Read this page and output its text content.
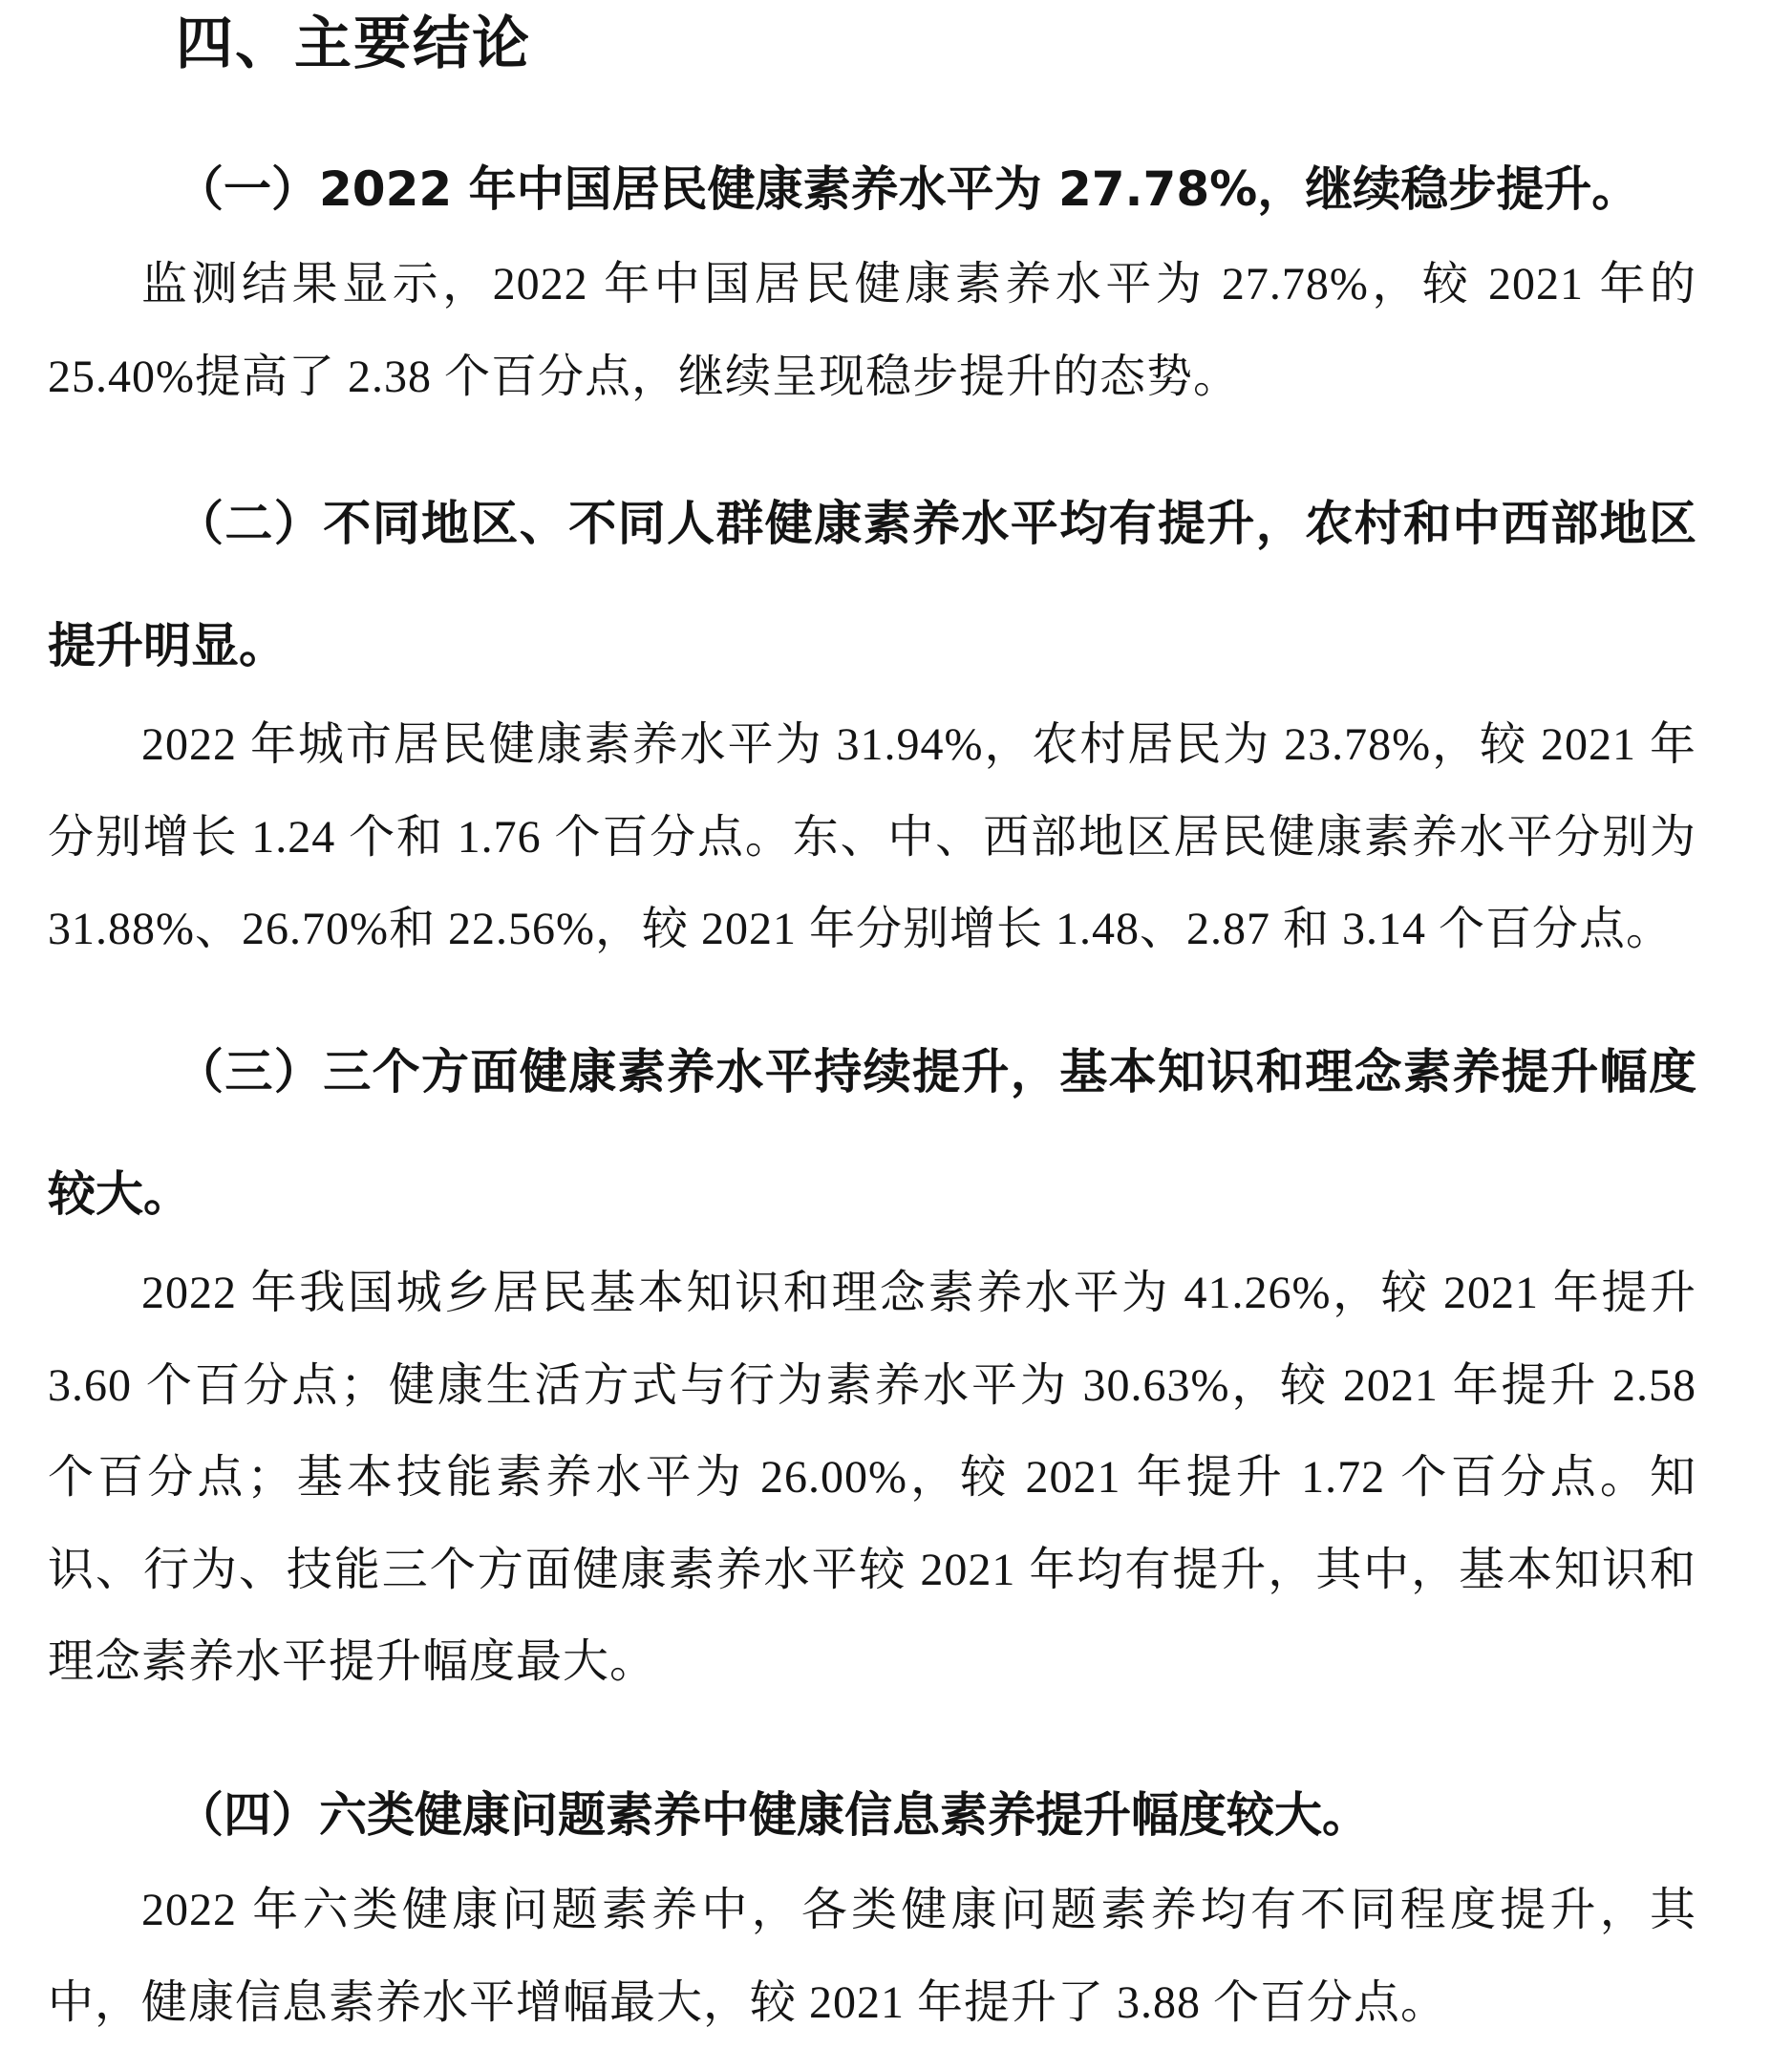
四、主要结论
（一）2022 年中国居民健康素养水平为 27.78%，继续稳步提升。

监测结果显示，2022 年中国居民健康素养水平为 27.78%，较 2021 年的 25.40%提高了 2.38 个百分点，继续呈现稳步提升的态势。

（二）不同地区、不同人群健康素养水平均有提升，农村和中西部地区提升明显。

2022 年城市居民健康素养水平为 31.94%，农村居民为 23.78%，较 2021 年分别增长 1.24 个和 1.76 个百分点。东、中、西部地区居民健康素养水平分别为 31.88%、26.70%和 22.56%，较 2021 年分别增长 1.48、2.87 和 3.14 个百分点。

（三）三个方面健康素养水平持续提升，基本知识和理念素养提升幅度较大。

2022 年我国城乡居民基本知识和理念素养水平为 41.26%，较 2021 年提升 3.60 个百分点；健康生活方式与行为素养水平为 30.63%，较 2021 年提升 2.58 个百分点；基本技能素养水平为 26.00%，较 2021 年提升 1.72 个百分点。知识、行为、技能三个方面健康素养水平较 2021 年均有提升，其中，基本知识和理念素养水平提升幅度最大。

（四）六类健康问题素养中健康信息素养提升幅度较大。

2022 年六类健康问题素养中，各类健康问题素养均有不同程度提升，其中，健康信息素养水平增幅最大，较 2021 年提升了 3.88 个百分点。
